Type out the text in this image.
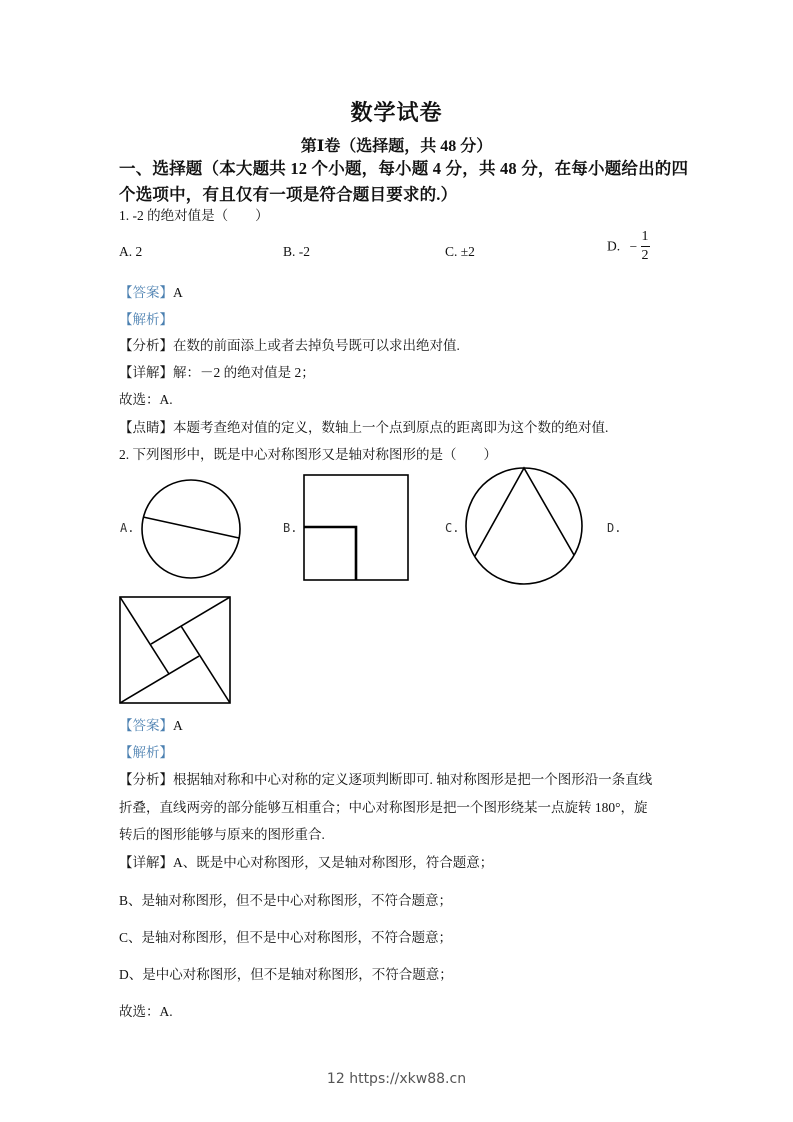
数学试卷
第Ⅰ卷（选择题，共 48 分）
一、选择题（本大题共 12 个小题，每小题 4 分，共 48 分，在每小题给出的四
个选项中，有且仅有一项是符合题目要求的.）
1. -2 的绝对值是（　　）
A. 2	B. -2	C. ±2	D. − $\frac{1}{2}$
【答案】A
【解析】
【分析】在数的前面添上或者去掉负号既可以求出绝对值.
【详解】解：－2 的绝对值是 2；
故选：A.
【点睛】本题考查绝对值的定义，数轴上一个点到原点的距离即为这个数的绝对值.
2. 下列图形中，既是中心对称图形又是轴对称图形的是（　　）
A.	B.	C.	D.
【答案】A
【解析】
【分析】根据轴对称和中心对称的定义逐项判断即可. 轴对称图形是把一个图形沿一条直线
折叠，直线两旁的部分能够互相重合；中心对称图形是把一个图形绕某一点旋转 180°，旋
转后的图形能够与原来的图形重合.
【详解】A、既是中心对称图形，又是轴对称图形，符合题意；
B、是轴对称图形，但不是中心对称图形，不符合题意；
C、是轴对称图形，但不是中心对称图形，不符合题意；
D、是中心对称图形，但不是轴对称图形，不符合题意；
故选：A.
12 https://xkw88.cn
